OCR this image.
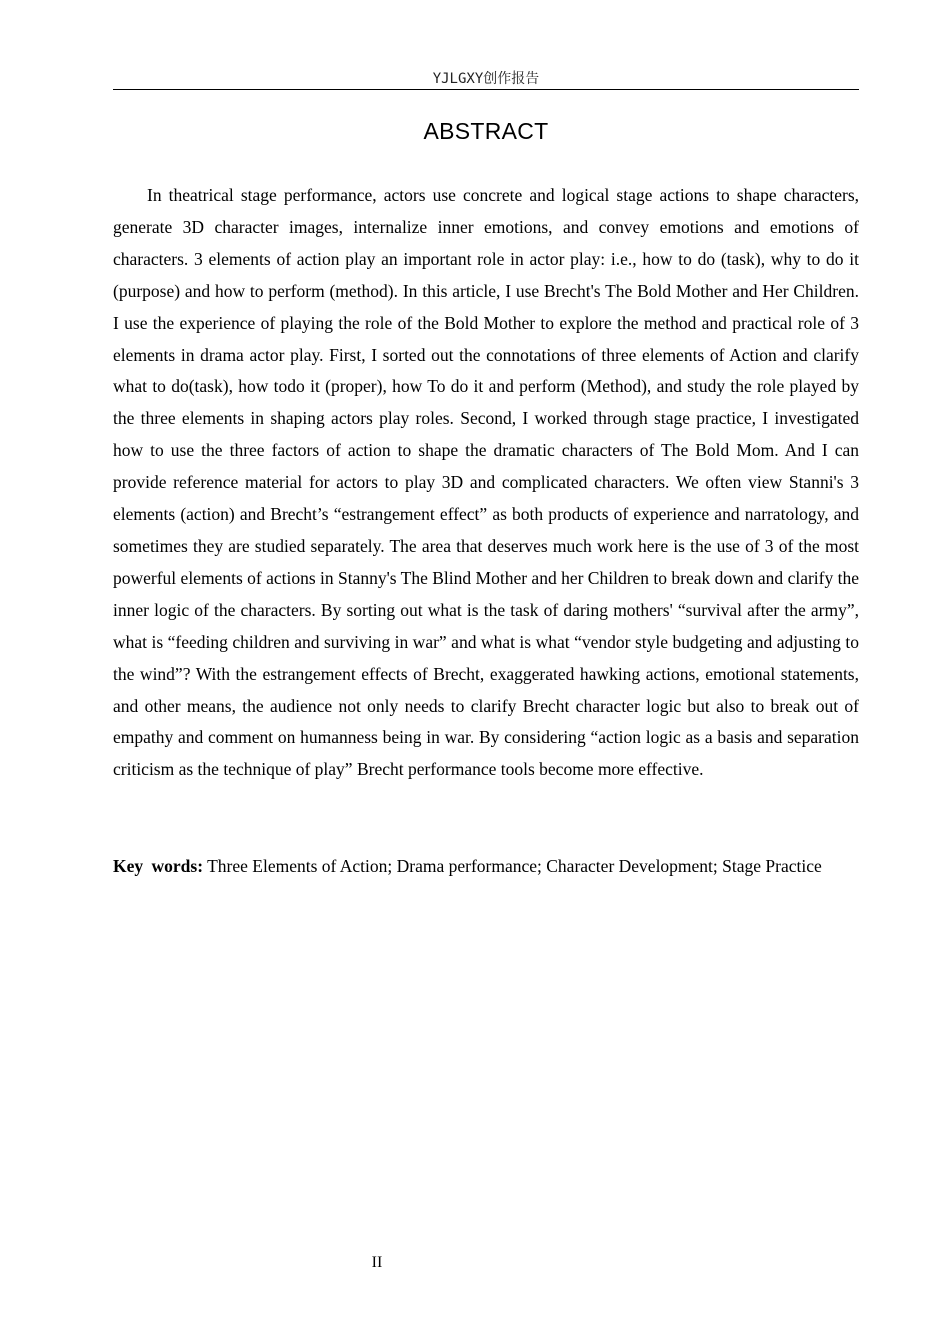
YJLGXY创作报告
ABSTRACT

In theatrical stage performance, actors use concrete and logical stage actions to shape characters, generate 3D character images, internalize inner emotions, and convey emotions and emotions of characters. 3 elements of action play an important role in actor play: i.e., how to do (task), why to do it (purpose) and how to perform (method). In this article, I use Brecht's The Bold Mother and Her Children. I use the experience of playing the role of the Bold Mother to explore the method and practical role of 3 elements in drama actor play. First, I sorted out the connotations of three elements of Action and clarify what to do(task), how todo it (proper), how To do it and perform (Method), and study the role played by the three elements in shaping actors play roles. Second, I worked through stage practice, I investigated how to use the three factors of action to shape the dramatic characters of The Bold Mom. And I can provide reference material for actors to play 3D and complicated characters. We often view Stanni's 3 elements (action) and Brecht’s “estrangement effect” as both products of experience and narratology, and sometimes they are studied separately. The area that deserves much work here is the use of 3 of the most powerful elements of actions in Stanny's The Blind Mother and her Children to break down and clarify the inner logic of the characters. By sorting out what is the task of daring mothers' “survival after the army”, what is “feeding children and surviving in war” and what is what “vendor style budgeting and adjusting to the wind”? With the estrangement effects of Brecht, exaggerated hawking actions, emotional statements, and other means, the audience not only needs to clarify Brecht character logic but also to break out of empathy and comment on humanness being in war. By considering “action logic as a basis and separation criticism as the technique of play” Brecht performance tools become more effective.

Key words: Three Elements of Action; Drama performance; Character Development; Stage Practice

II
